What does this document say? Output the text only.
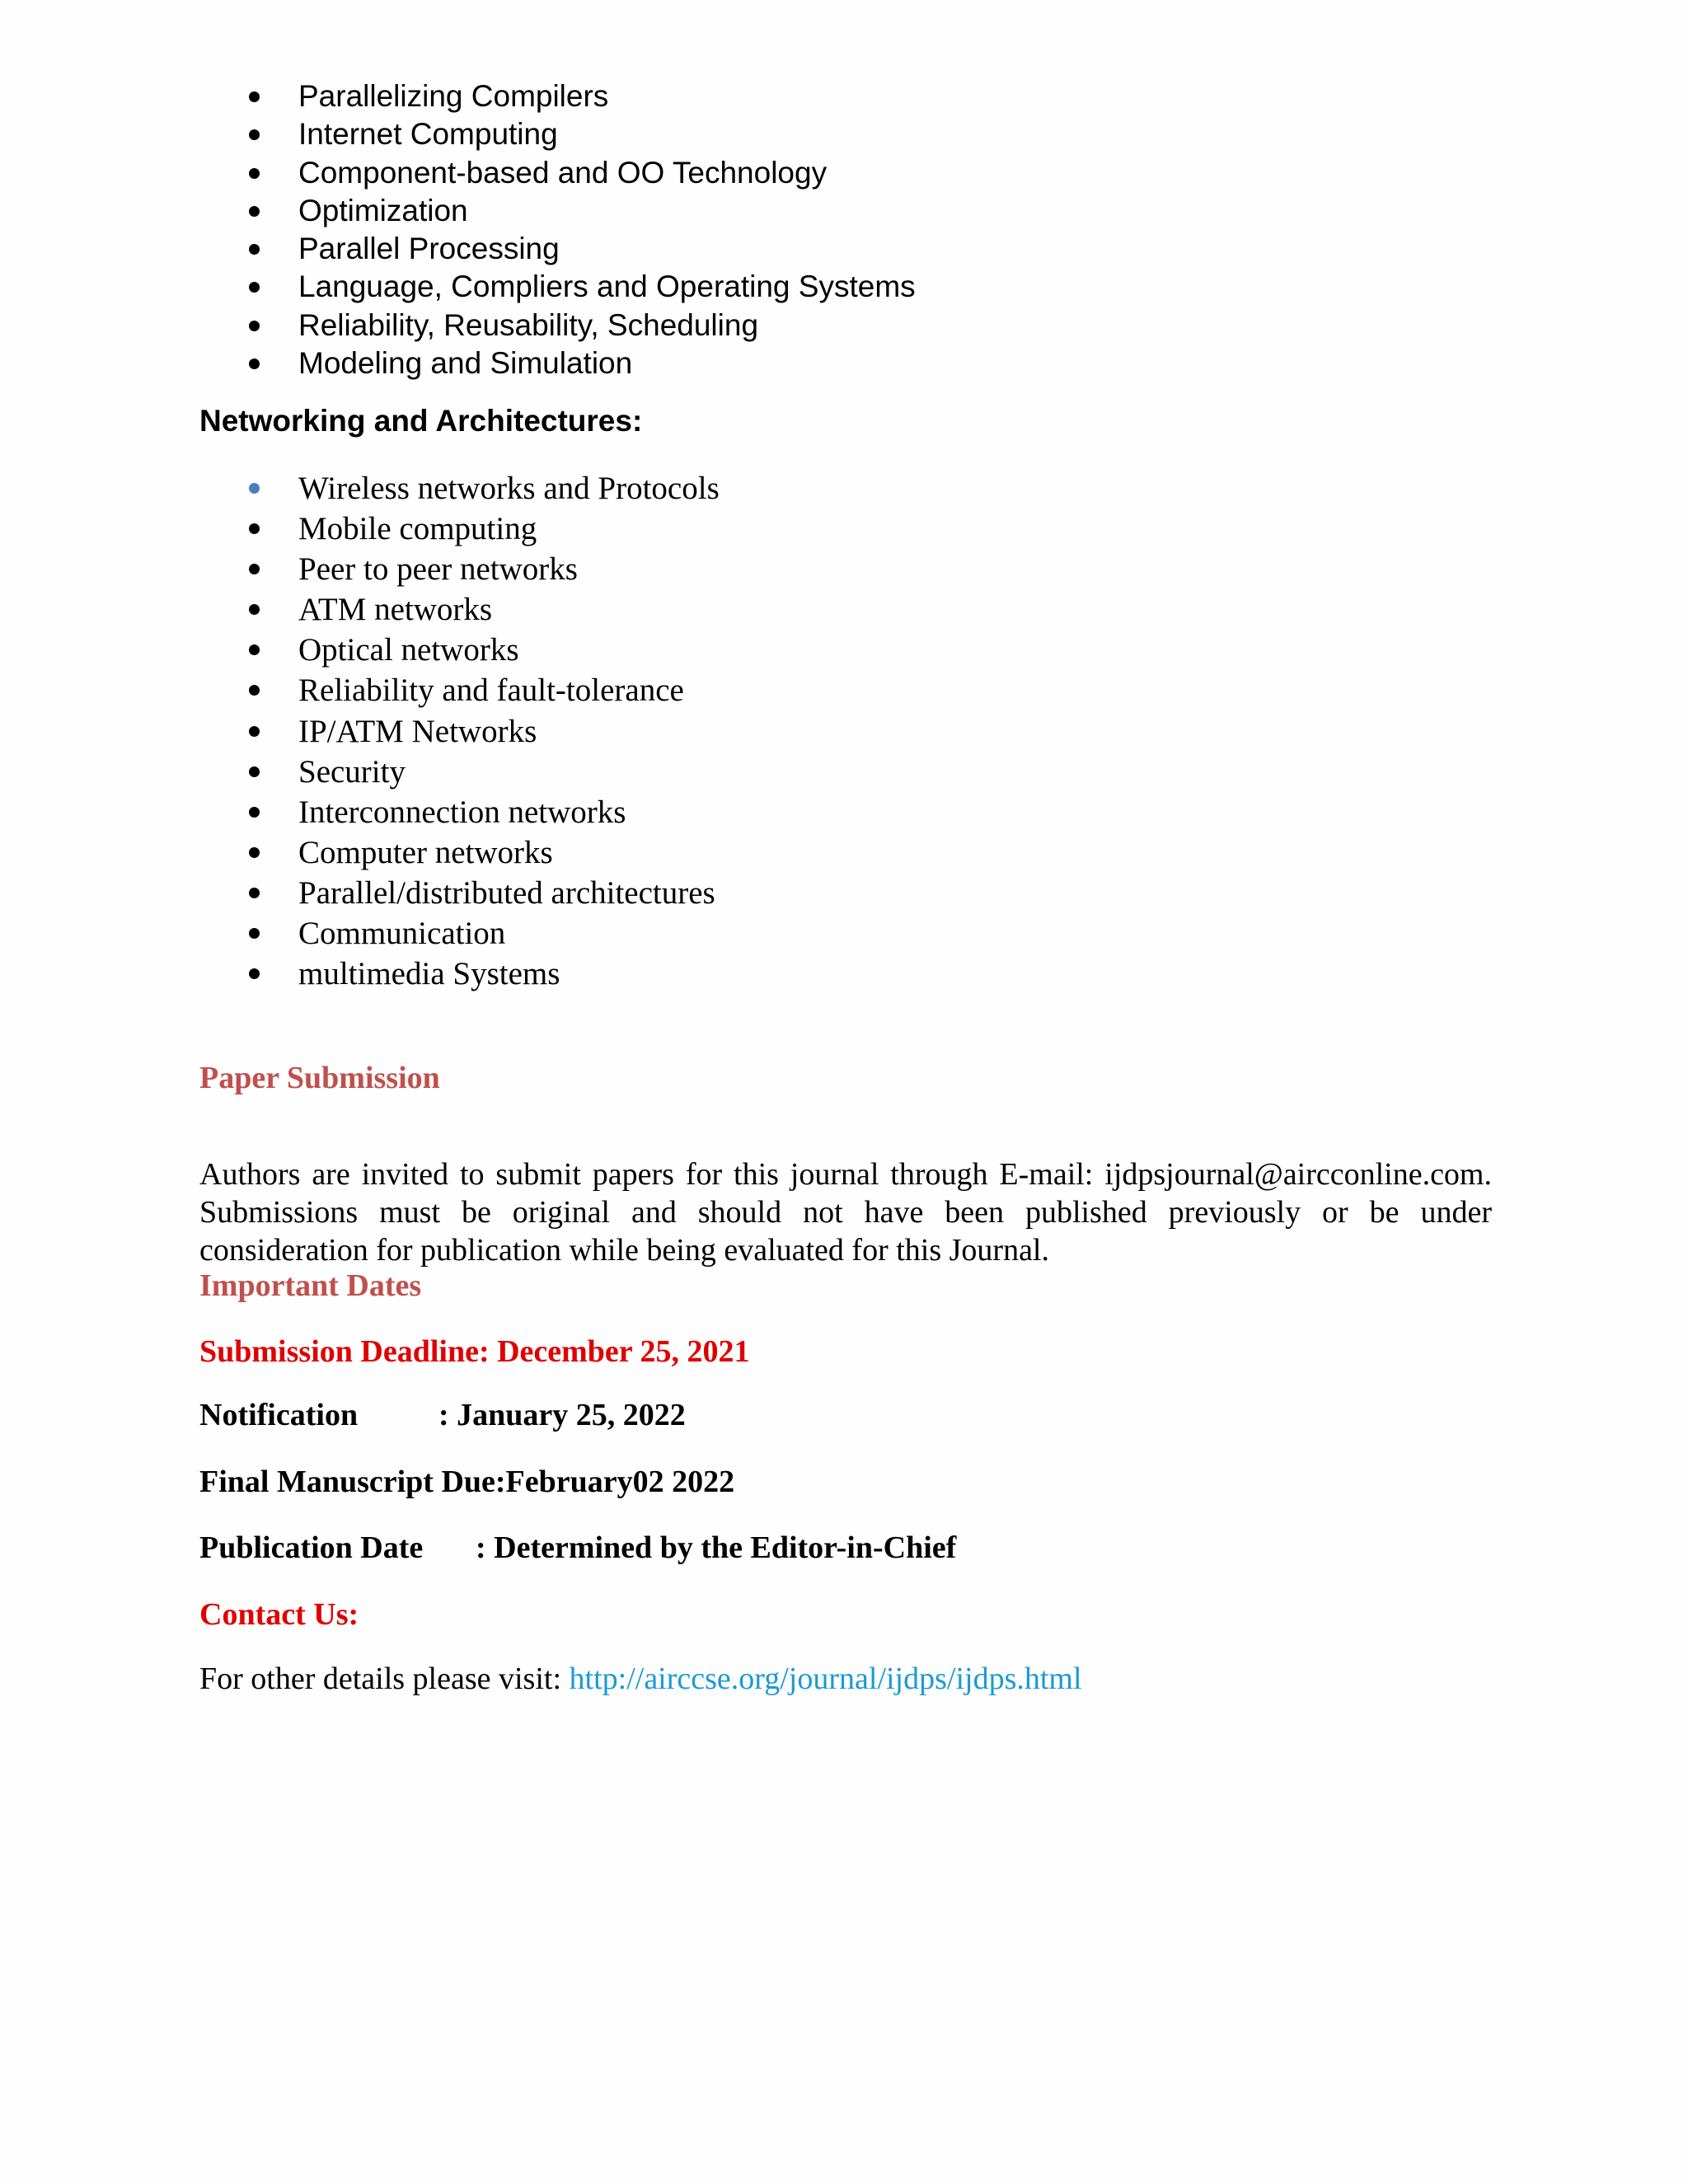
Parallelizing Compilers
Internet Computing
Component-based and OO Technology
Optimization
Parallel Processing
Language, Compliers and Operating Systems
Reliability, Reusability, Scheduling
Modeling and Simulation
Networking and Architectures:
Wireless networks and Protocols
Mobile computing
Peer to peer networks
ATM networks
Optical networks
Reliability and fault-tolerance
IP/ATM Networks
Security
Interconnection networks
Computer networks
Parallel/distributed architectures
Communication
multimedia Systems
Paper Submission

Authors are invited to submit papers for this journal through E-mail: ijdpsjournal@aircconline.com. Submissions must be original and should not have been published previously or be under consideration for publication while being evaluated for this Journal.

Important Dates
Submission Deadline: December 25, 2021
Notification	: January 25, 2022
Final Manuscript Due:February02 2022
Publication Date : Determined by the Editor-in-Chief
Contact Us:
For other details please visit: http://airccse.org/journal/ijdps/ijdps.html
